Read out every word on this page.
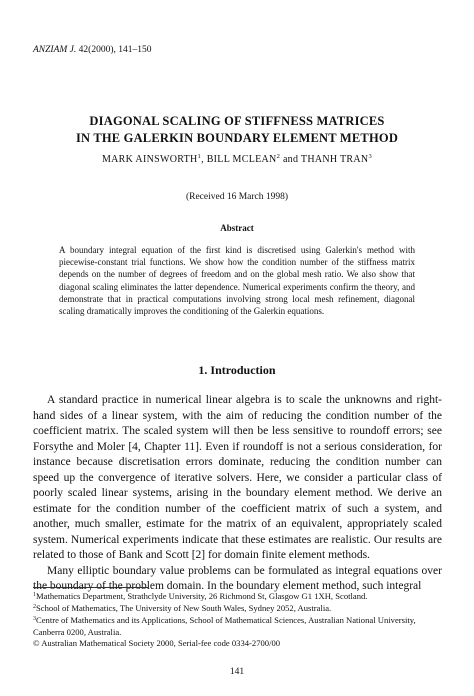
ANZIAM J. 42(2000), 141–150
DIAGONAL SCALING OF STIFFNESS MATRICES
IN THE GALERKIN BOUNDARY ELEMENT METHOD
MARK AINSWORTH$^1$, BILL MCLEAN$^2$ and THANH TRAN$^3$
(Received 16 March 1998)
Abstract
A boundary integral equation of the first kind is discretised using Galerkin's method with piecewise-constant trial functions. We show how the condition number of the stiffness matrix depends on the number of degrees of freedom and on the global mesh ratio. We also show that diagonal scaling eliminates the latter dependence. Numerical experiments confirm the theory, and demonstrate that in practical computations involving strong local mesh refinement, diagonal scaling dramatically improves the conditioning of the Galerkin equations.
1. Introduction

A standard practice in numerical linear algebra is to scale the unknowns and right-hand sides of a linear system, with the aim of reducing the condition number of the coefficient matrix. The scaled system will then be less sensitive to roundoff errors; see Forsythe and Moler [4, Chapter 11]. Even if roundoff is not a serious consideration, for instance because discretisation errors dominate, reducing the condition number can speed up the convergence of iterative solvers. Here, we consider a particular class of poorly scaled linear systems, arising in the boundary element method. We derive an estimate for the condition number of the coefficient matrix of such a system, and another, much smaller, estimate for the matrix of an equivalent, appropriately scaled system. Numerical experiments indicate that these estimates are realistic. Our results are related to those of Bank and Scott [2] for domain finite element methods.

Many elliptic boundary value problems can be formulated as integral equations over the boundary of the problem domain. In the boundary element method, such integral

$^1$Mathematics Department, Strathclyde University, 26 Richmond St, Glasgow G1 1XH, Scotland.
$^2$School of Mathematics, The University of New South Wales, Sydney 2052, Australia.
$^3$Centre of Mathematics and its Applications, School of Mathematical Sciences, Australian National University, Canberra 0200, Australia.
© Australian Mathematical Society 2000, Serial-fee code 0334-2700/00
141
